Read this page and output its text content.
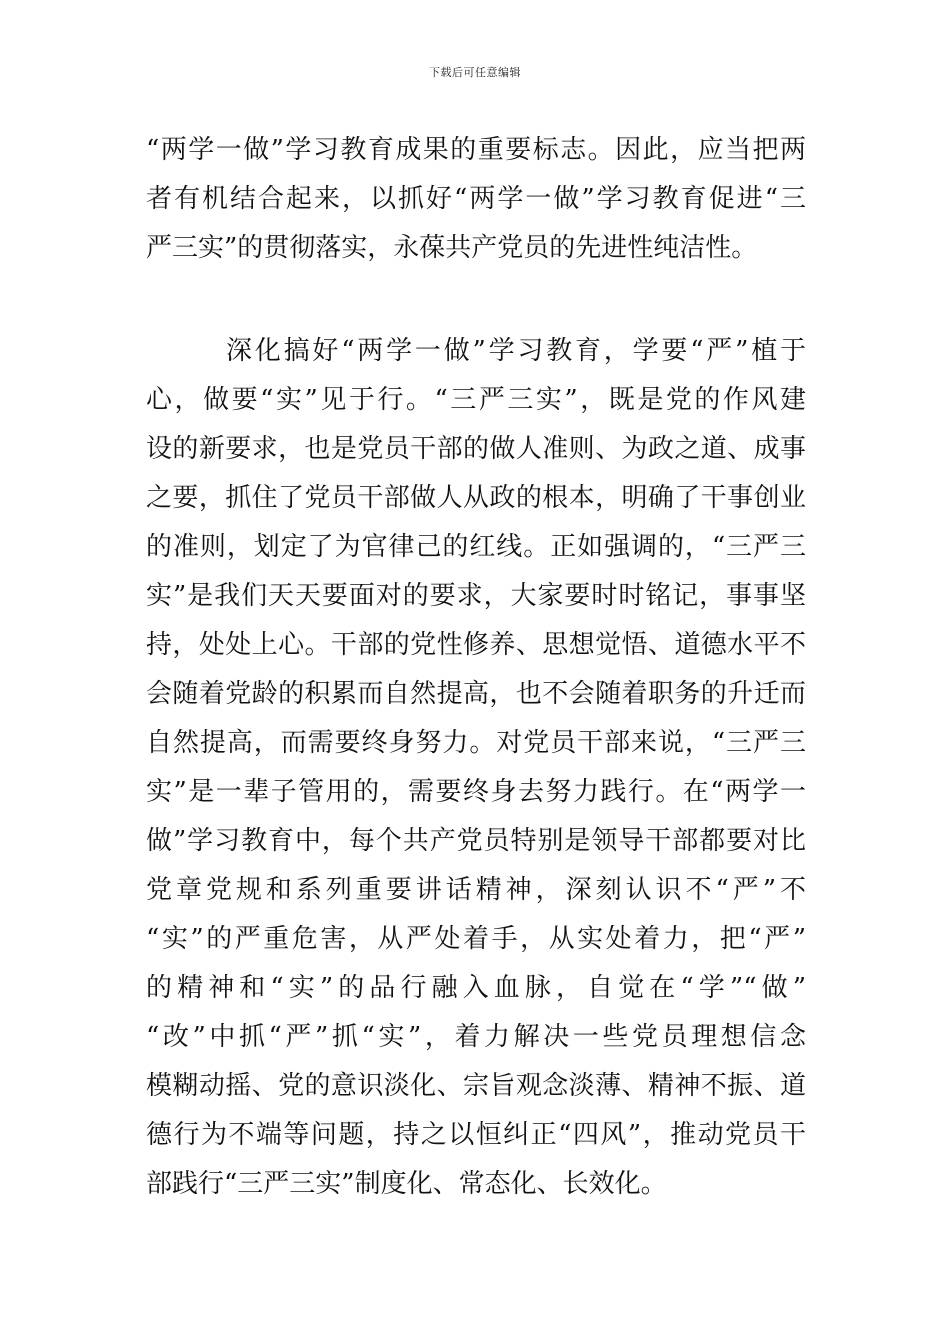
下载后可任意编辑
“两学一做”学习教育成果的重要标志。因此，应当把两
者有机结合起来，以抓好“两学一做”学习教育促进“三
严三实”的贯彻落实，永葆共产党员的先进性纯洁性。
深化搞好“两学一做”学习教育，学要“严”植于
心，做要“实”见于行。“三严三实”，既是党的作风建
设的新要求，也是党员干部的做人准则、为政之道、成事
之要，抓住了党员干部做人从政的根本，明确了干事创业
的准则，划定了为官律己的红线。正如强调的，“三严三
实”是我们天天要面对的要求，大家要时时铭记，事事坚
持，处处上心。干部的党性修养、思想觉悟、道德水平不
会随着党龄的积累而自然提高，也不会随着职务的升迁而
自然提高，而需要终身努力。对党员干部来说，“三严三
实”是一辈子管用的，需要终身去努力践行。在“两学一
做”学习教育中，每个共产党员特别是领导干部都要对比
党章党规和系列重要讲话精神，深刻认识不“严”不
“实”的严重危害，从严处着手，从实处着力，把“严”
的精神和“实”的品行融入血脉，自觉在“学”“做”
“改”中抓“严”抓“实”，着力解决一些党员理想信念
模糊动摇、党的意识淡化、宗旨观念淡薄、精神不振、道
德行为不端等问题，持之以恒纠正“四风”，推动党员干
部践行“三严三实”制度化、常态化、长效化。
